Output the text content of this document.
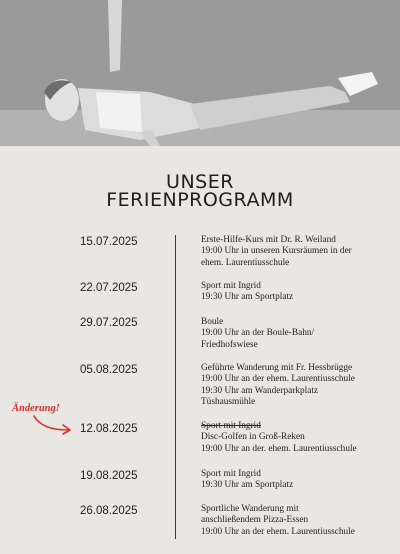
UNSER
FERIENPROGRAMM
15.07.2025	Erste-Hilfe-Kurs mit Dr. R. Weiland
19:00 Uhr in unseren Kursräumen in der
ehem. Laurentiusschule
22.07.2025	Sport mit Ingrid
19:30 Uhr am Sportplatz
29.07.2025	Boule
19:00 Uhr an der Boule-Bahn/
Friedhofswiese
05.08.2025	Geführte Wanderung mit Fr. Hessbrügge
19:00 Uhr an der ehem. Laurentiusschule
19:30 Uhr am Wanderparkplatz
Tüshausmühle
Änderung!
12.08.2025	Sport mit Ingrid
Disc-Golfen in Groß-Reken
19:00 Uhr an der. ehem. Laurentiusschule
19.08.2025	Sport mit Ingrid
19:30 Uhr am Sportplatz
26.08.2025	Sportliche Wanderung mit
anschließendem Pizza-Essen
19:00 Uhr an der ehem. Laurentiusschule
